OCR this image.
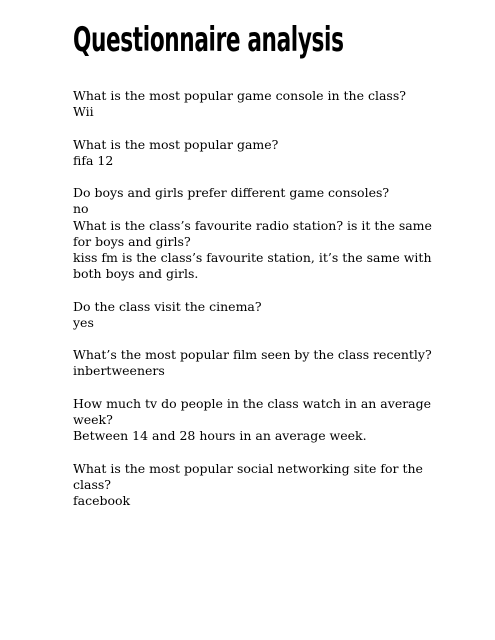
Questionnaire analysis
What is the most popular game console in the class?
Wii
What is the most popular game?
fifa 12
Do boys and girls prefer different game consoles?
no
What is the class’s favourite radio station? is it the same for boys and girls?
kiss fm is the class’s favourite station, it’s the same with both boys and girls.
Do the class visit the cinema?
yes
What’s the most popular film seen by the class recently?
inbertweeners
How much tv do people in the class watch in an average week?
Between 14 and 28 hours in an average week.
What is the most popular social networking site for the class?
facebook
